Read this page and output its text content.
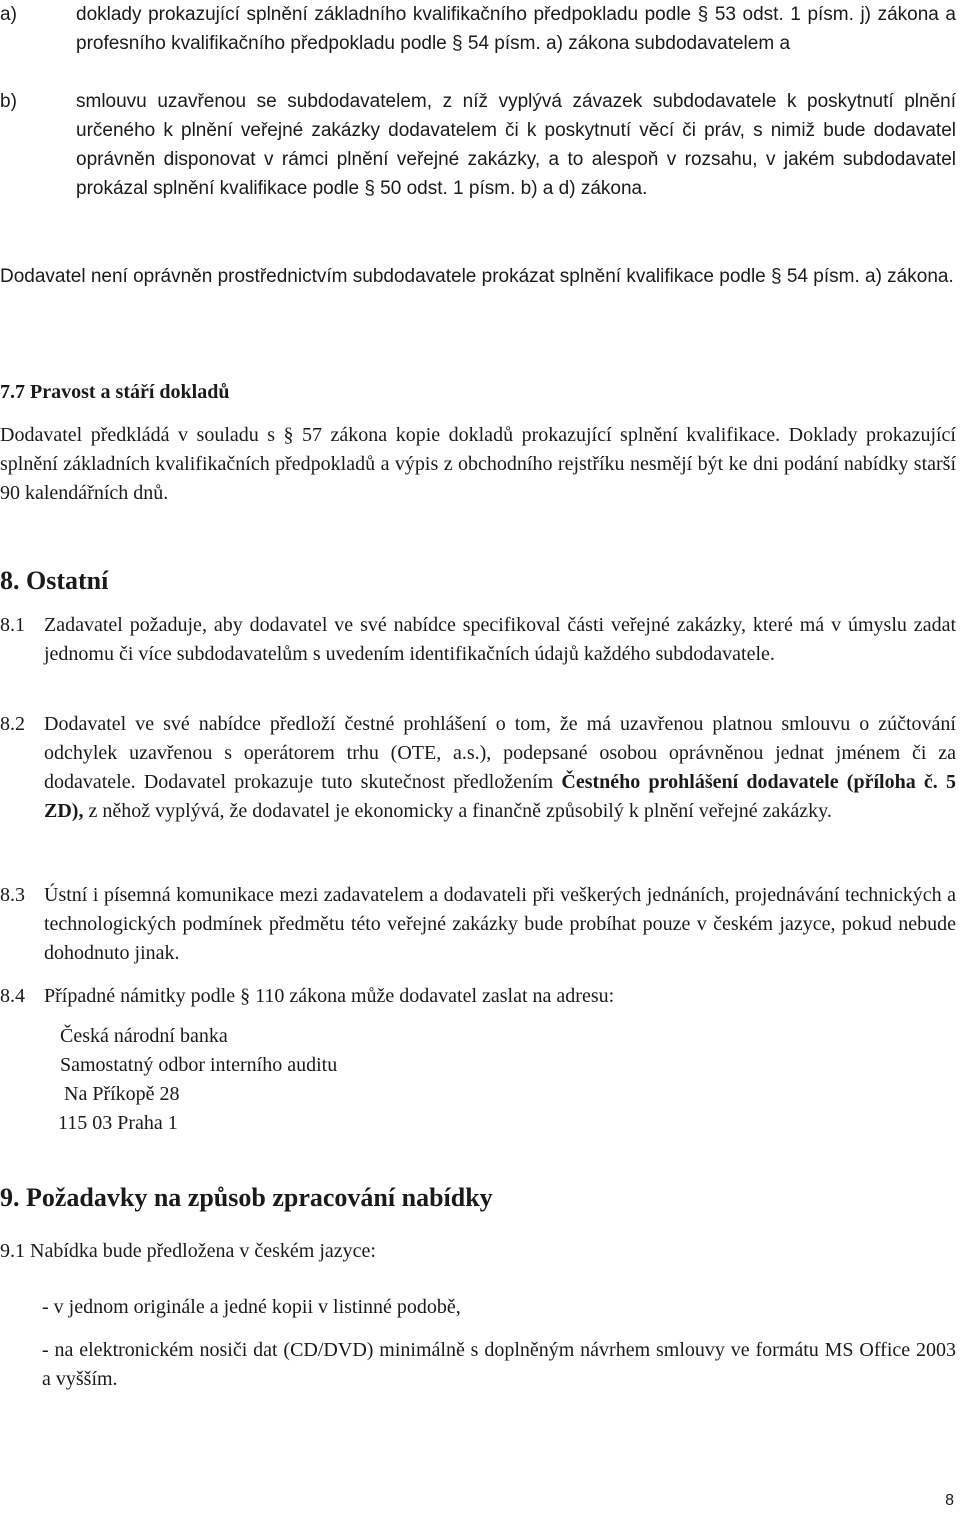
a)	doklady prokazující splnění základního kvalifikačního předpokladu podle § 53 odst. 1 písm. j) zákona a profesního kvalifikačního předpokladu podle § 54 písm. a) zákona subdodavatelem a
b)	smlouvu uzavřenou se subdodavatelem, z níž vyplývá závazek subdodavatele k poskytnutí plnění určeného k plnění veřejné zakázky dodavatelem či k poskytnutí věcí či práv, s nimiž bude dodavatel oprávněn disponovat v rámci plnění veřejné zakázky, a to alespoň v rozsahu, v jakém subdodavatel prokázal splnění kvalifikace podle § 50 odst. 1 písm. b) a d) zákona.
Dodavatel není oprávněn prostřednictvím subdodavatele prokázat splnění kvalifikace podle § 54 písm. a) zákona.
7.7 Pravost a stáří dokladů
Dodavatel předkládá v souladu s § 57 zákona kopie dokladů prokazující splnění kvalifikace. Doklady prokazující splnění základních kvalifikačních předpokladů a výpis z obchodního rejstříku nesmějí být ke dni podání nabídky starší 90 kalendářních dnů.
8. Ostatní
8.1 Zadavatel požaduje, aby dodavatel ve své nabídce specifikoval části veřejné zakázky, které má v úmyslu zadat jednomu či více subdodavatelům s uvedením identifikačních údajů každého subdodavatele.
8.2 Dodavatel ve své nabídce předloží čestné prohlášení o tom, že má uzavřenou platnou smlouvu o zúčtování odchylek uzavřenou s operátorem trhu (OTE, a.s.), podepsané osobou oprávněnou jednat jménem či za dodavatele. Dodavatel prokazuje tuto skutečnost předložením Čestného prohlášení dodavatele (příloha č. 5 ZD), z něhož vyplývá, že dodavatel je ekonomicky a finančně způsobilý k plnění veřejné zakázky.
8.3 Ústní i písemná komunikace mezi zadavatelem a dodavateli při veškerých jednáních, projednávání technických a technologických podmínek předmětu této veřejné zakázky bude probíhat pouze v českém jazyce, pokud nebude dohodnuto jinak.
8.4 Případné námitky podle § 110 zákona může dodavatel zaslat na adresu:
Česká národní banka
Samostatný odbor interního auditu
Na Příkopě 28
115 03 Praha 1
9. Požadavky na způsob zpracování nabídky
9.1 Nabídka bude předložena v českém jazyce:
- v jednom originále a jedné kopii v listinné podobě,
- na elektronickém nosiči dat (CD/DVD) minimálně s doplněným návrhem smlouvy ve formátu MS Office 2003 a vyšším.
8
